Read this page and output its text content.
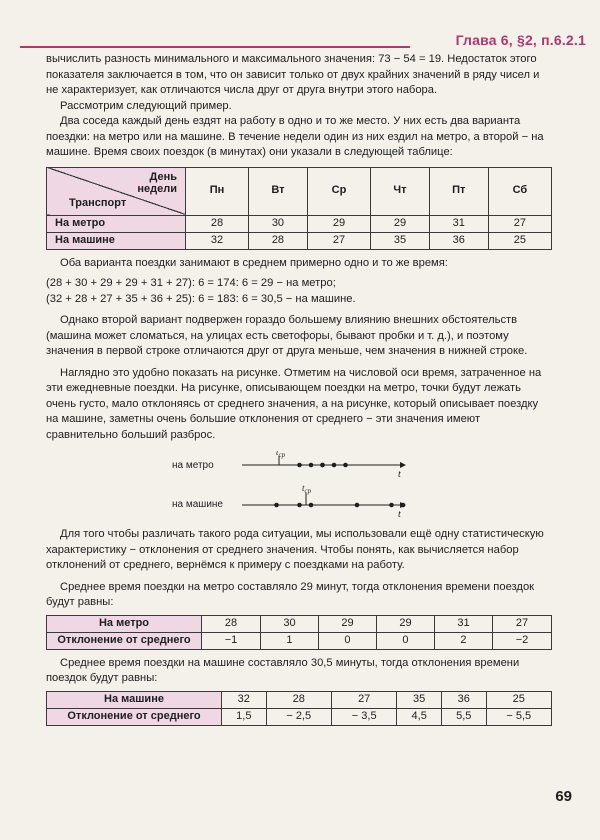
Глава 6, §2, п.6.2.1

вычислить разность минимального и максимального значения: 73 − 54 = 19. Недостаток этого показателя заключается в том, что он зависит только от двух крайних значений в ряду чисел и не характеризует, как отличаются числа друг от друга внутри этого набора.

Рассмотрим следующий пример.

Два соседа каждый день ездят на работу в одно и то же место. У них есть два варианта поездки: на метро или на машине. В течение недели один из них ездил на метро, а второй − на машине. Время своих поездок (в минутах) они указали в следующей таблице:

День
недели
Транспорт	Пн	Вт	Ср	Чт	Пт	Сб
На метро	28	30	29	29	31	27
На машине	32	28	27	35	36	25

Оба варианта поездки занимают в среднем примерно одно и то же время:

(28 + 30 + 29 + 29 + 31 + 27): 6 = 174: 6 = 29 − на метро;

(32 + 28 + 27 + 35 + 36 + 25): 6 = 183: 6 = 30,5 − на машине.

Однако второй вариант подвержен гораздо большему влиянию внешних обстоятельств (машина может сломаться, на улицах есть светофоры, бывают пробки и т. д.), и поэтому значения в первой строке отличаются друг от друга меньше, чем значения в нижней строке.

Наглядно это удобно показать на рисунке. Отметим на числовой оси время, затраченное на эти ежедневные поездки. На рисунке, описывающем поездки на метро, точки будут лежать очень густо, мало отклоняясь от среднего значения, а на рисунке, который описывает поездку на машине, заметны очень большие отклонения от среднего − эти значения имеют сравнительно больший разброс.

на метро
t
$t_{ср}$
на машине
t
$t_{ср}$

Для того чтобы различать такого рода ситуации, мы использовали ещё одну статистическую характеристику − отклонения от среднего значения. Чтобы понять, как вычисляется набор отклонений от среднего, вернёмся к примеру с поездками на работу.

Среднее время поездки на метро составляло 29 минут, тогда отклонения времени поездок будут равны:

На метро	28	30	29	29	31	27
Отклонение от среднего	−1	1	0	0	2	−2

Среднее время поездки на машине составляло 30,5 минуты, тогда отклонения времени поездок будут равны:

На машине	32	28	27	35	36	25
Отклонение от среднего	1,5	− 2,5	− 3,5	4,5	5,5	− 5,5
69
